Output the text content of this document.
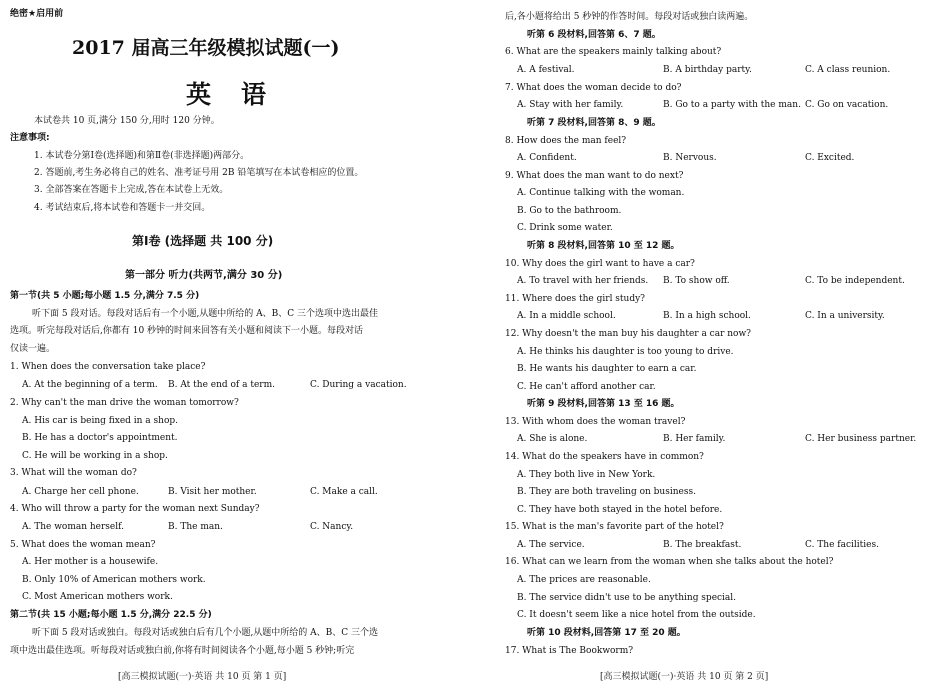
绝密★启用前
2017 届高三年级模拟试题(一)
英语
本试卷共 10 页,满分 150 分,用时 120 分钟。
注意事项:
1. 本试卷分第Ⅰ卷(选择题)和第Ⅱ卷(非选择题)两部分。
2. 答题前,考生务必将自己的姓名、准考证号用 2B 铅笔填写在本试卷相应的位置。
3. 全部答案在答题卡上完成,答在本试卷上无效。
4. 考试结束后,将本试卷和答题卡一并交回。
第Ⅰ卷 (选择题 共 100 分)
第一部分 听力(共两节,满分 30 分)
第一节(共 5 小题;每小题 1.5 分,满分 7.5 分)
听下面 5 段对话。每段对话后有一个小题,从题中所给的 A、B、C 三个选项中选出最佳
选项。听完每段对话后,你都有 10 秒钟的时间来回答有关小题和阅读下一小题。每段对话
仅读一遍。
1. When does the conversation take place?
A. At the beginning of a term. B. At the end of a term.	C. During a vacation.
2. Why can't the man drive the woman tomorrow?
A. His car is being fixed in a shop.
B. He has a doctor's appointment.
C. He will be working in a shop.
3. What will the woman do?
A. Charge her cell phone.	B. Visit her mother.	C. Make a call.
4. Who will throw a party for the woman next Sunday?
A. The woman herself.	B. The man.	C. Nancy.
5. What does the woman mean?
A. Her mother is a housewife.
B. Only 10% of American mothers work.
C. Most American mothers work.
第二节(共 15 小题;每小题 1.5 分,满分 22.5 分)
听下面 5 段对话或独白。每段对话或独白后有几个小题,从题中所给的 A、B、C 三个选
项中选出最佳选项。听每段对话或独白前,你将有时间阅读各个小题,每小题 5 秒钟;听完
[高三模拟试题(一)·英语 共 10 页 第 1 页]
后,各小题将给出 5 秒钟的作答时间。每段对话或独白读两遍。
听第 6 段材料,回答第 6、7 题。
6. What are the speakers mainly talking about?
A. A festival.	B. A birthday party.	C. A class reunion.
7. What does the woman decide to do?
A. Stay with her family.	B. Go to a party with the man. C. Go on vacation.
听第 7 段材料,回答第 8、9 题。
8. How does the man feel?
A. Confident.	B. Nervous.	C. Excited.
9. What does the man want to do next?
A. Continue talking with the woman.
B. Go to the bathroom.
C. Drink some water.
听第 8 段材料,回答第 10 至 12 题。
10. Why does the girl want to have a car?
A. To travel with her friends. B. To show off.	C. To be independent.
11. Where does the girl study?
A. In a middle school.	B. In a high school.	C. In a university.
12. Why doesn't the man buy his daughter a car now?
A. He thinks his daughter is too young to drive.
B. He wants his daughter to earn a car.
C. He can't afford another car.
听第 9 段材料,回答第 13 至 16 题。
13. With whom does the woman travel?
A. She is alone.	B. Her family.	C. Her business partner.
14. What do the speakers have in common?
A. They both live in New York.
B. They are both traveling on business.
C. They have both stayed in the hotel before.
15. What is the man's favorite part of the hotel?
A. The service.	B. The breakfast.	C. The facilities.
16. What can we learn from the woman when she talks about the hotel?
A. The prices are reasonable.
B. The service didn't use to be anything special.
C. It doesn't seem like a nice hotel from the outside.
听第 10 段材料,回答第 17 至 20 题。
17. What is The Bookworm?
[高三模拟试题(一)·英语 共 10 页 第 2 页]
